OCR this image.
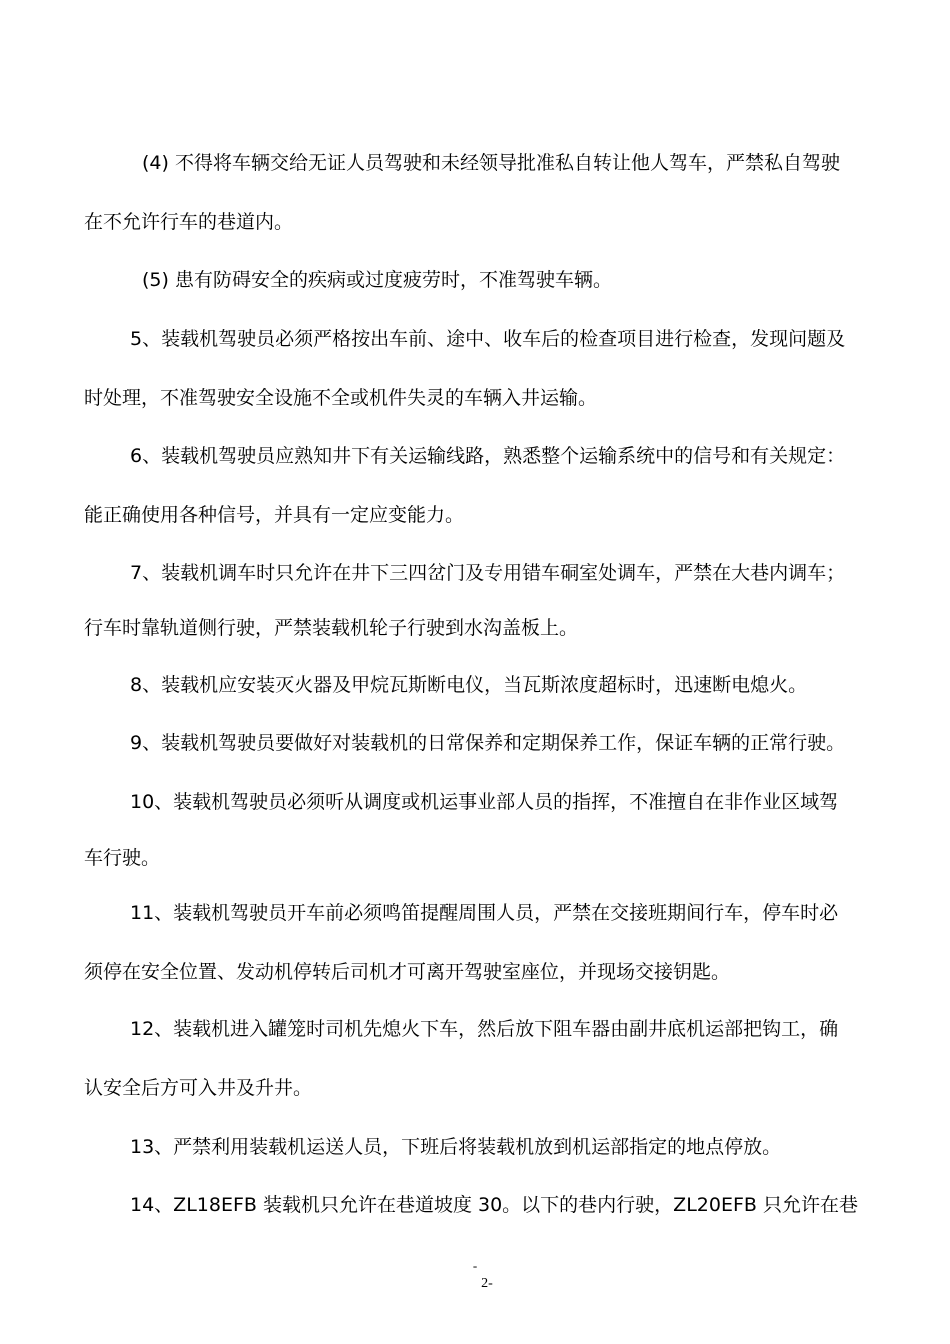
(4) 不得将车辆交给无证人员驾驶和未经领导批准私自转让他人驾车，严禁私自驾驶
在不允许行车的巷道内。
(5) 患有防碍安全的疾病或过度疲劳时，不准驾驶车辆。
5、装载机驾驶员必须严格按出车前、途中、收车后的检查项目进行检查，发现问题及
时处理，不准驾驶安全设施不全或机件失灵的车辆入井运输。
6、装载机驾驶员应熟知井下有关运输线路，熟悉整个运输系统中的信号和有关规定：
能正确使用各种信号，并具有一定应变能力。
7、装载机调车时只允许在井下三四岔门及专用错车硐室处调车，严禁在大巷内调车；
行车时靠轨道侧行驶，严禁装载机轮子行驶到水沟盖板上。
8、装载机应安装灭火器及甲烷瓦斯断电仪，当瓦斯浓度超标时，迅速断电熄火。
9、装载机驾驶员要做好对装载机的日常保养和定期保养工作，保证车辆的正常行驶。
10、装载机驾驶员必须听从调度或机运事业部人员的指挥，不准擅自在非作业区域驾
车行驶。
11、装载机驾驶员开车前必须鸣笛提醒周围人员，严禁在交接班期间行车，停车时必
须停在安全位置、发动机停转后司机才可离开驾驶室座位，并现场交接钥匙。
12、装载机进入罐笼时司机先熄火下车，然后放下阻车器由副井底机运部把钩工，确
认安全后方可入井及升井。
13、严禁利用装载机运送人员，下班后将装载机放到机运部指定的地点停放。
14、ZL18EFB 装载机只允许在巷道坡度 30。以下的巷内行驶，ZL20EFB 只允许在巷
-
2-
